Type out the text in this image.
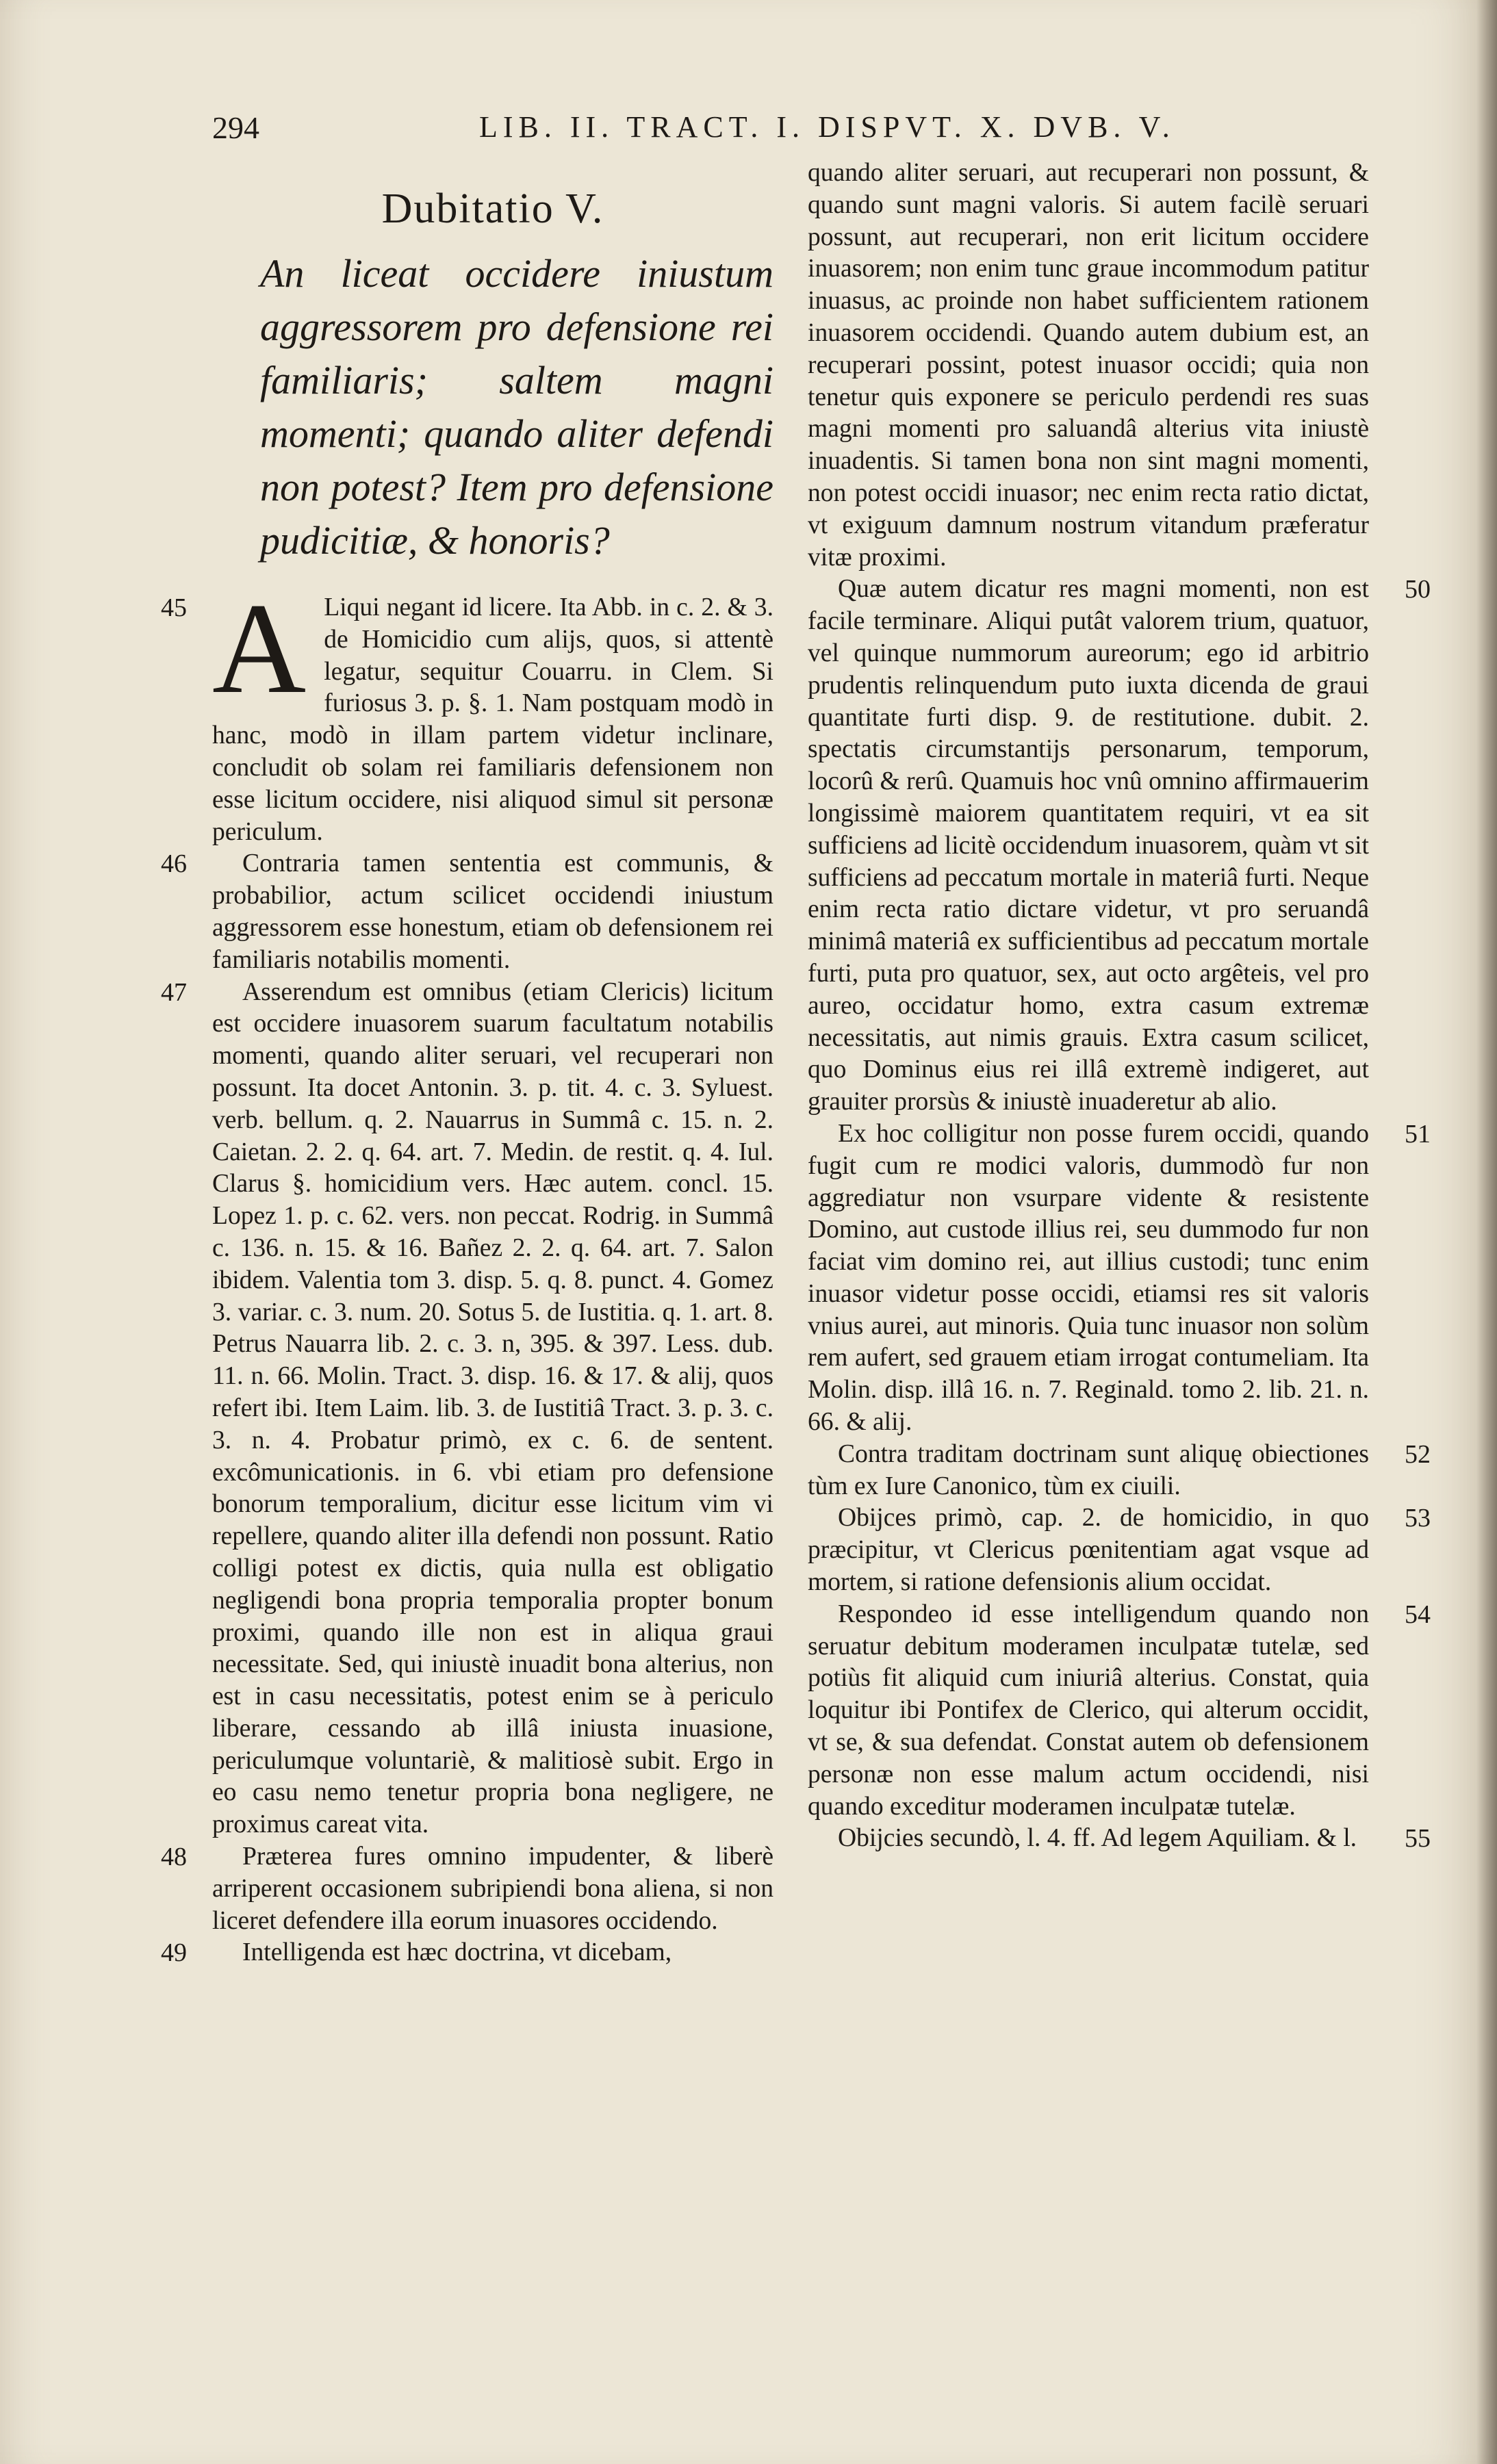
294	LIB. II. TRACT. I. DISPVT. X. DVB. V.
Dubitatio V.
An liceat occidere iniustum aggressorem pro defensione rei familiaris; saltem magni momenti; quando aliter defendi non potest? Item pro defensione pudicitiæ, & honoris?
45 A Liqui negant id licere. Ita Abb. in c. 2. & 3. de Homicidio cum alijs, quos, si attentè legatur, sequitur Couarru. in Clem. Si furiosus 3. p. §. 1. Nam postquam modò in hanc, modò in illam partem videtur inclinare, concludit ob solam rei familiaris defensionem non esse licitum occidere, nisi aliquod simul sit personæ periculum.

46	Contraria tamen sententia est communis, & probabilior, actum scilicet occidendi iniustum aggressorem esse honestum, etiam ob defensionem rei familiaris notabilis momenti.

47	Asserendum est omnibus (etiam Clericis) licitum est occidere inuasorem suarum facultatum notabilis momenti, quando aliter seruari, vel recuperari non possunt. Ita docet Antonin. 3. p. tit. 4. c. 3. Syluest. verb. bellum. q. 2. Nauarrus in Summâ c. 15. n. 2. Caietan. 2. 2. q. 64. art. 7. Medin. de restit. q. 4. Iul. Clarus §. homicidium vers. Hæc autem. concl. 15. Lopez 1. p. c. 62. vers. non peccat. Rodrig. in Summâ c. 136. n. 15. & 16. Bañez 2. 2. q. 64. art. 7. Salon ibidem. Valentia tom 3. disp. 5. q. 8. punct. 4. Gomez 3. variar. c. 3. num. 20. Sotus 5. de Iustitia. q. 1. art. 8. Petrus Nauarra lib. 2. c. 3. n, 395. & 397. Less. dub. 11. n. 66. Molin. Tract. 3. disp. 16. & 17. & alij, quos refert ibi. Item Laim. lib. 3. de Iustitiâ Tract. 3. p. 3. c. 3. n. 4. Probatur primò, ex c. 6. de sentent. excômunicationis. in 6. vbi etiam pro defensione bonorum temporalium, dicitur esse licitum vim vi repellere, quando aliter illa defendi non possunt. Ratio colligi potest ex dictis, quia nulla est obligatio negligendi bona propria temporalia propter bonum proximi, quando ille non est in aliqua graui necessitate. Sed, qui iniustè inuadit bona alterius, non est in casu necessitatis, potest enim se à periculo liberare, cessando ab illâ iniusta inuasione, periculumque voluntariè, & malitiosè subit. Ergo in eo casu nemo tenetur propria bona negligere, ne proximus careat vita.

48	Præterea fures omnino impudenter, & liberè arriperent occasionem subripiendi bona aliena, si non liceret defendere illa eorum inuasores occidendo.

49	Intelligenda est hæc doctrina, vt dicebam,

quando aliter seruari, aut recuperari non possunt, & quando sunt magni valoris. Si autem facilè seruari possunt, aut recuperari, non erit licitum occidere inuasorem; non enim tunc graue incommodum patitur inuasus, ac proinde non habet sufficientem rationem inuasorem occidendi. Quando autem dubium est, an recuperari possint, potest inuasor occidi; quia non tenetur quis exponere se periculo perdendi res suas magni momenti pro saluandâ alterius vita iniustè inuadentis. Si tamen bona non sint magni momenti, non potest occidi inuasor; nec enim recta ratio dictat, vt exiguum damnum nostrum vitandum præferatur vitæ proximi.

50

Quæ autem dicatur res magni momenti, non est facile terminare. Aliqui putât valorem trium, quatuor, vel quinque nummorum aureorum; ego id arbitrio prudentis relinquendum puto iuxta dicenda de graui quantitate furti disp. 9. de restitutione. dubit. 2. spectatis circumstantijs personarum, temporum, locorû & rerû. Quamuis hoc vnû omnino affirmauerim longissimè maiorem quantitatem requiri, vt ea sit sufficiens ad licitè occidendum inuasorem, quàm vt sit sufficiens ad peccatum mortale in materiâ furti. Neque enim recta ratio dictare videtur, vt pro seruandâ minimâ materiâ ex sufficientibus ad peccatum mortale furti, puta pro quatuor, sex, aut octo argêteis, vel pro aureo, occidatur homo, extra casum extremæ necessitatis, aut nimis grauis. Extra casum scilicet, quo Dominus eius rei illâ extremè indigeret, aut grauiter prorsùs & iniustè inuaderetur ab alio.

51

Ex hoc colligitur non posse furem occidi, quando fugit cum re modici valoris, dummodò fur non aggrediatur non vsurpare vidente & resistente Domino, aut custode illius rei, seu dummodo fur non faciat vim domino rei, aut illius custodi; tunc enim inuasor videtur posse occidi, etiamsi res sit valoris vnius aurei, aut minoris. Quia tunc inuasor non solùm rem aufert, sed grauem etiam irrogat contumeliam. Ita Molin. disp. illâ 16. n. 7. Reginald. tomo 2. lib. 21. n. 66. & alij.

52

Contra traditam doctrinam sunt aliquę obiectiones tùm ex Iure Canonico, tùm ex ciuili.

53

Obijces primò, cap. 2. de homicidio, in quo præcipitur, vt Clericus pœnitentiam agat vsque ad mortem, si ratione defensionis alium occidat.

54

Respondeo id esse intelligendum quando non seruatur debitum moderamen inculpatæ tutelæ, sed potiùs fit aliquid cum iniuriâ alterius. Constat, quia loquitur ibi Pontifex de Clerico, qui alterum occidit, vt se, & sua defendat. Constat autem ob defensionem personæ non esse malum actum occidendi, nisi quando exceditur moderamen inculpatæ tutelæ.

55

Obijcies secundò, l. 4. ff. Ad legem Aquiliam. & l.
